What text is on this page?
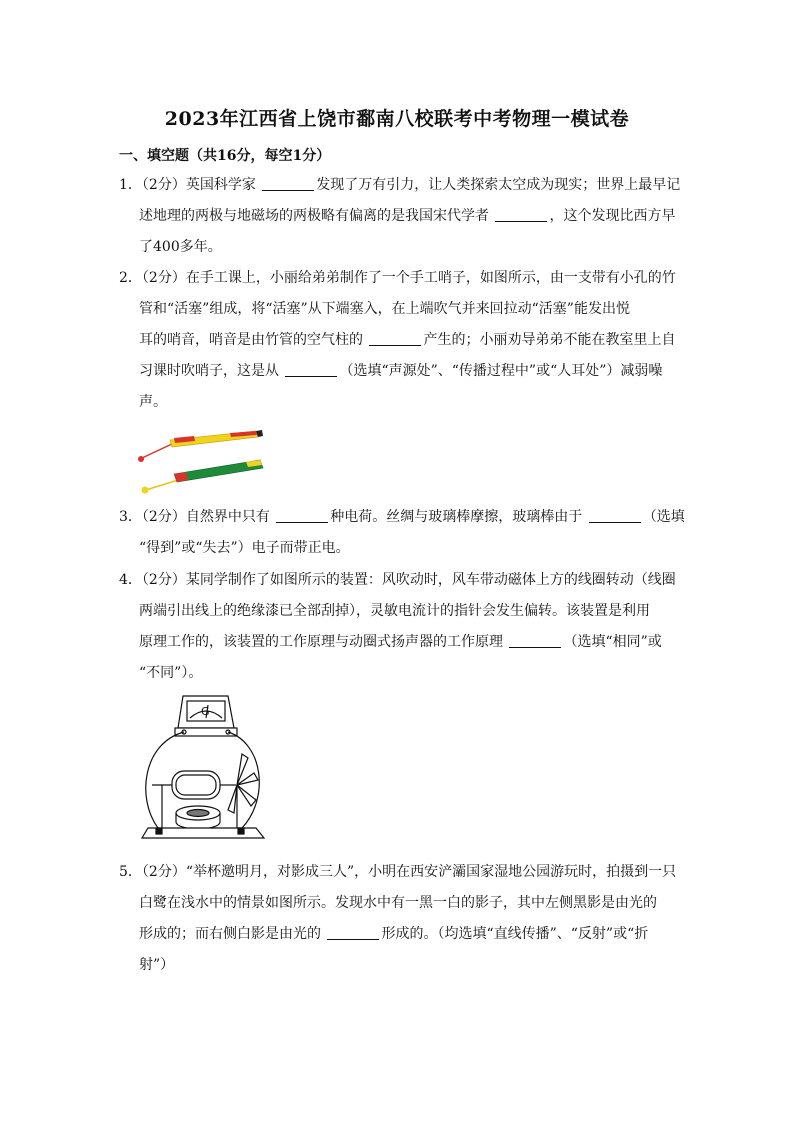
2023年江西省上饶市鄱南八校联考中考物理一模试卷
一、填空题（共16分，每空1分）
1．（2分）英国科学家	发现了万有引力，让人类探索太空成为现实；世界上最早记
述地理的两极与地磁场的两极略有偏离的是我国宋代学者	，这个发现比西方早
了400多年。
2．（2分）在手工课上，小丽给弟弟制作了一个手工哨子，如图所示，由一支带有小孔的竹
管和“活塞”组成，将“活塞”从下端塞入，在上端吹气并来回拉动“活塞”能发出悦
耳的哨音，哨音是由竹管的空气柱的	产生的；小丽劝导弟弟不能在教室里上自
习课时吹哨子，这是从	（选填“声源处”、“传播过程中”或“人耳处”）减弱噪
声。
3．（2分）自然界中只有	种电荷。丝绸与玻璃棒摩擦，玻璃棒由于	（选填
“得到”或“失去”）电子而带正电。
4．（2分）某同学制作了如图所示的装置：风吹动时，风车带动磁体上方的线圈转动（线圈
两端引出线上的绝缘漆已全部刮掉），灵敏电流计的指针会发生偏转。该装置是利用
原理工作的，该装置的工作原理与动圈式扬声器的工作原理	（选填“相同”或
“不同”）。
G
5．（2分）“举杯邀明月，对影成三人”，小明在西安浐灞国家湿地公园游玩时，拍摄到一只
白鹭在浅水中的情景如图所示。发现水中有一黑一白的影子，其中左侧黑影是由光的
形成的；而右侧白影是由光的	形成的。（均选填“直线传播”、“反射”或“折
射”）
